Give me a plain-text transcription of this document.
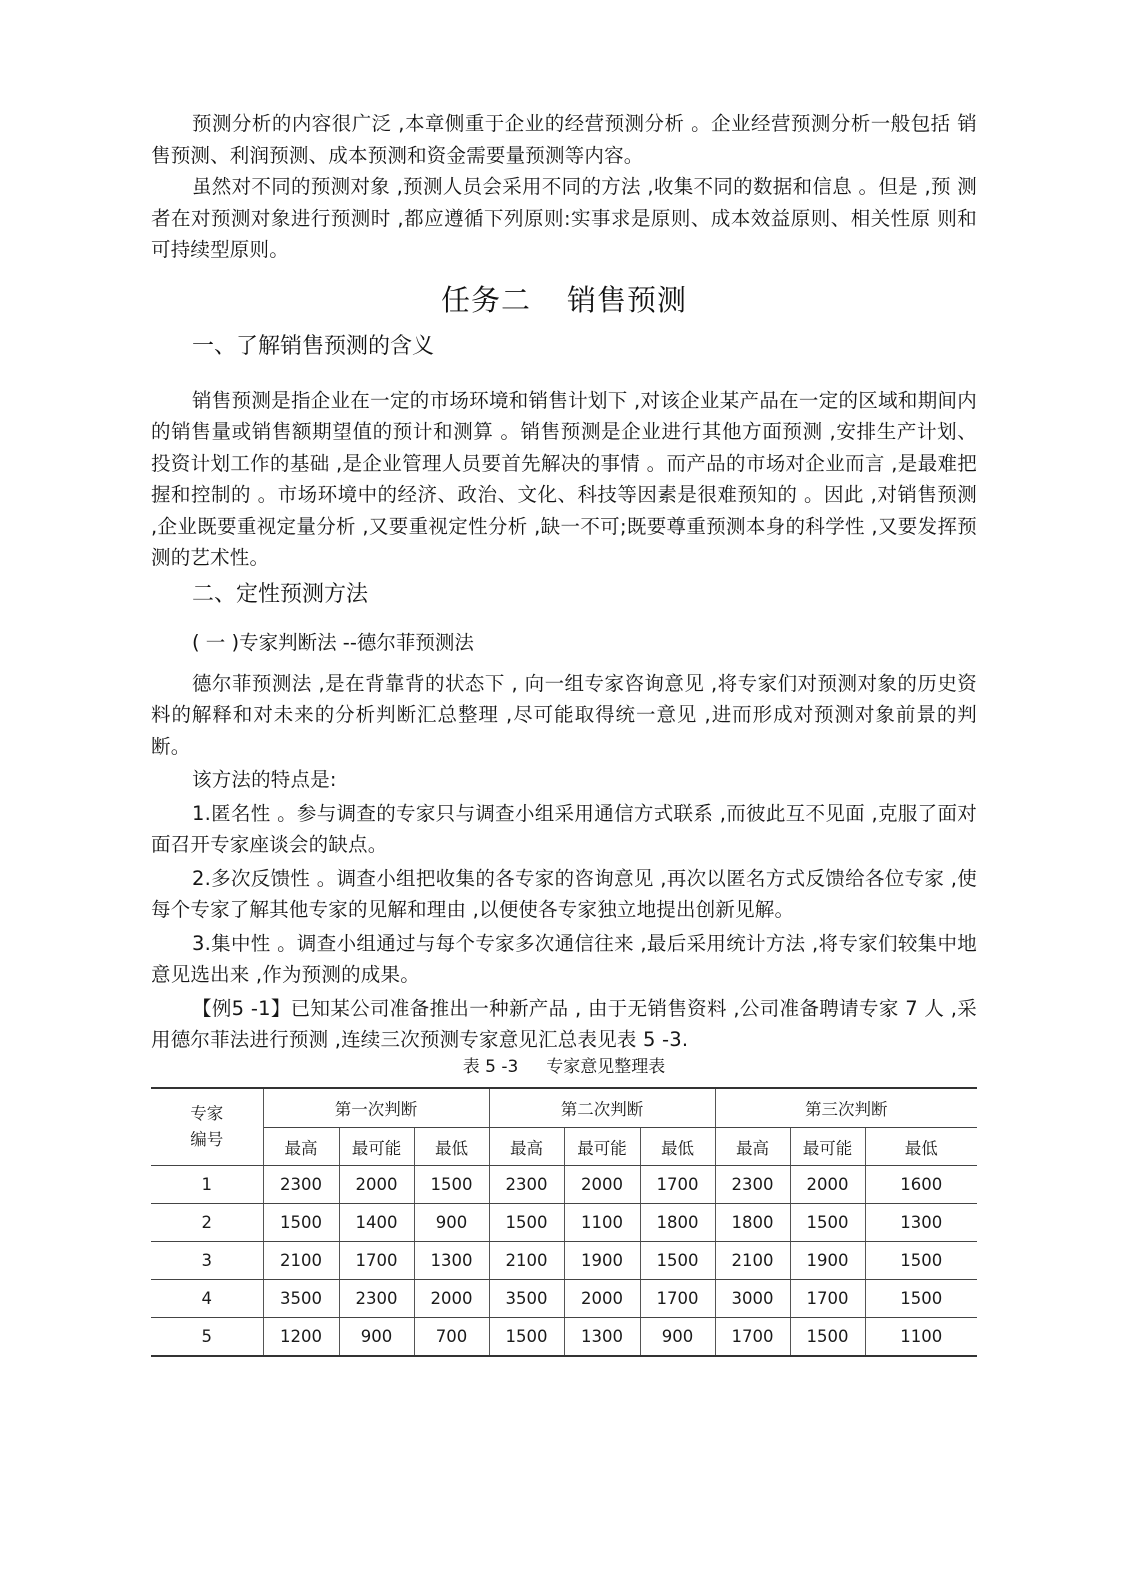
预测分析的内容很广泛 ,本章侧重于企业的经营预测分析 。企业经营预测分析一般包括 销售预测、利润预测、成本预测和资金需要量预测等内容。

虽然对不同的预测对象 ,预测人员会采用不同的方法 ,收集不同的数据和信息 。但是 ,预 测者在对预测对象进行预测时 ,都应遵循下列原则:实事求是原则、成本效益原则、相关性原 则和可持续型原则。

任务二 销售预测
一、了解销售预测的含义

销售预测是指企业在一定的市场环境和销售计划下 ,对该企业某产品在一定的区域和期间内的销售量或销售额期望值的预计和测算 。销售预测是企业进行其他方面预测 ,安排生产计划、投资计划工作的基础 ,是企业管理人员要首先解决的事情 。而产品的市场对企业而言 ,是最难把握和控制的 。市场环境中的经济、政治、文化、科技等因素是很难预知的 。因此 ,对销售预测 ,企业既要重视定量分析 ,又要重视定性分析 ,缺一不可;既要尊重预测本身的科学性 ,又要发挥预测的艺术性。

二、定性预测方法
( 一 )专家判断法 --德尔菲预测法

德尔菲预测法 ,是在背靠背的状态下 , 向一组专家咨询意见 ,将专家们对预测对象的历史资料的解释和对未来的分析判断汇总整理 ,尽可能取得统一意见 ,进而形成对预测对象前景的判断。

该方法的特点是:

1.匿名性 。参与调查的专家只与调查小组采用通信方式联系 ,而彼此互不见面 ,克服了面对面召开专家座谈会的缺点。

2.多次反馈性 。调查小组把收集的各专家的咨询意见 ,再次以匿名方式反馈给各位专家 ,使每个专家了解其他专家的见解和理由 ,以便使各专家独立地提出创新见解。

3.集中性 。调查小组通过与每个专家多次通信往来 ,最后采用统计方法 ,将专家们较集中地意见选出来 ,作为预测的成果。

【例5 -1】已知某公司准备推出一种新产品 , 由于无销售资料 ,公司准备聘请专家 7 人 ,采用德尔菲法进行预测 ,连续三次预测专家意见汇总表见表 5 -3.

表 5 -3 专家意见整理表

专家
编号	第一次判断			第二次判断			第三次判断		
	最高	最可能	最低	最高	最可能	最低	最高	最可能	最低
1	2300	2000	1500	2300	2000	1700	2300	2000	1600
2	1500	1400	900	1500	1100	1800	1800	1500	1300
3	2100	1700	1300	2100	1900	1500	2100	1900	1500
4	3500	2300	2000	3500	2000	1700	3000	1700	1500
5	1200	900	700	1500	1300	900	1700	1500	1100
